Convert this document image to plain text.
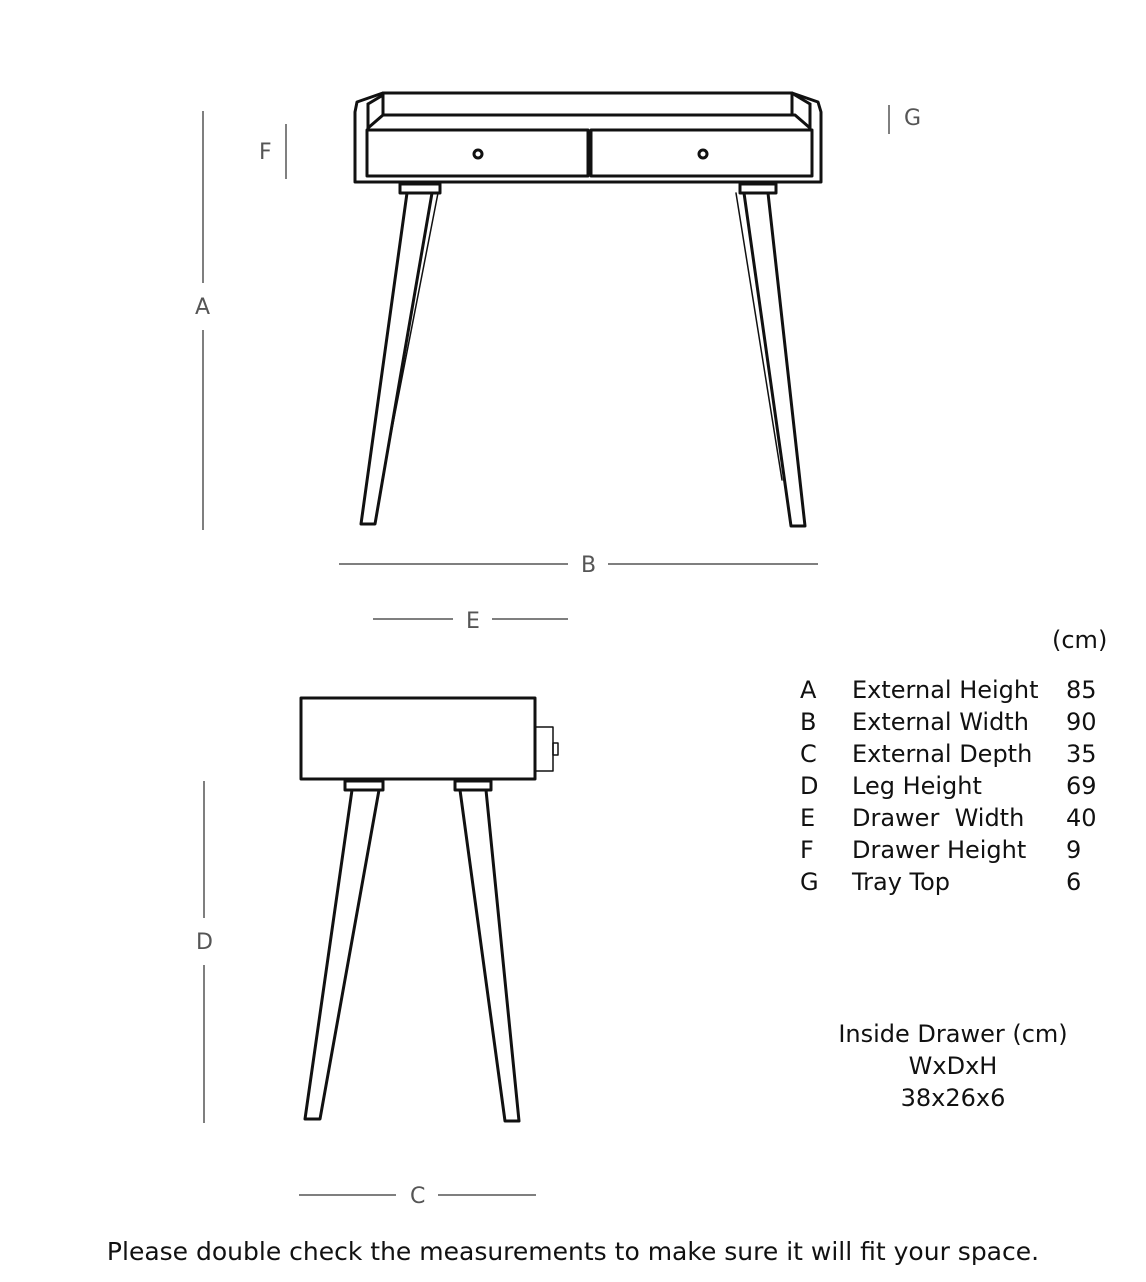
A
F
G
B
E
D
C
(cm)
A	External Height	85
B	External Width	90
C	External Depth	35
D	Leg Height	69
E	Drawer  Width	40
F	Drawer Height	9
G	Tray Top	6
Inside Drawer (cm)
WxDxH
38x26x6
Please double check the measurements to make sure it will fit your space.
